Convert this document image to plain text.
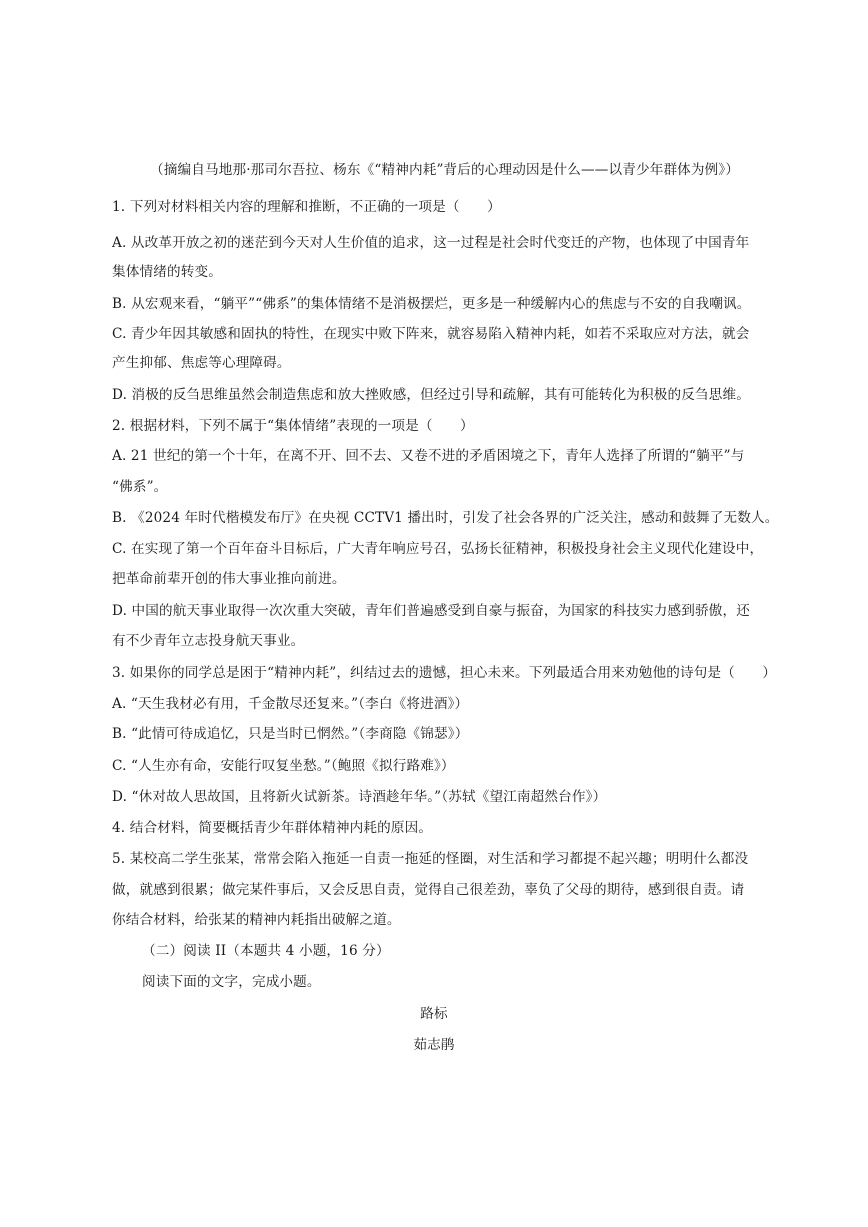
（摘编自马地那·那司尔吾拉、杨东《“精神内耗”背后的心理动因是什么——以青少年群体为例》）
1. 下列对材料相关内容的理解和推断，不正确的一项是（　　）
A. 从改革开放之初的迷茫到今天对人生价值的追求，这一过程是社会时代变迁的产物，也体现了中国青年
集体情绪的转变。
B. 从宏观来看，“躺平”“佛系”的集体情绪不是消极摆烂，更多是一种缓解内心的焦虑与不安的自我嘲讽。
C. 青少年因其敏感和固执的特性，在现实中败下阵来，就容易陷入精神内耗，如若不采取应对方法，就会
产生抑郁、焦虑等心理障碍。
D. 消极的反刍思维虽然会制造焦虑和放大挫败感，但经过引导和疏解，其有可能转化为积极的反刍思维。
2. 根据材料，下列不属于“集体情绪”表现的一项是（　　）
A. 21 世纪的第一个十年，在离不开、回不去、又卷不进的矛盾困境之下，青年人选择了所谓的“躺平”与
“佛系”。
B. 《2024 年时代楷模发布厅》在央视 CCTV1 播出时，引发了社会各界的广泛关注，感动和鼓舞了无数人。
C. 在实现了第一个百年奋斗目标后，广大青年响应号召，弘扬长征精神，积极投身社会主义现代化建设中，
把革命前辈开创的伟大事业推向前进。
D. 中国的航天事业取得一次次重大突破，青年们普遍感受到自豪与振奋，为国家的科技实力感到骄傲，还
有不少青年立志投身航天事业。
3. 如果你的同学总是困于“精神内耗”，纠结过去的遗憾，担心未来。下列最适合用来劝勉他的诗句是（　　）
A. “天生我材必有用，千金散尽还复来。”（李白《将进酒》）
B. “此情可待成追忆，只是当时已惘然。”（李商隐《锦瑟》）
C. “人生亦有命，安能行叹复坐愁。”（鲍照《拟行路难》）
D. “休对故人思故国，且将新火试新茶。诗酒趁年华。”（苏轼《望江南超然台作》）
4. 结合材料，简要概括青少年群体精神内耗的原因。
5. 某校高二学生张某，常常会陷入拖延一自责一拖延的怪圈，对生活和学习都提不起兴趣；明明什么都没
做，就感到很累；做完某件事后，又会反思自责，觉得自己很差劲，辜负了父母的期待，感到很自责。请
你结合材料，给张某的精神内耗指出破解之道。
（二）阅读 II（本题共 4 小题，16 分）
阅读下面的文字，完成小题。
路标
茹志鹃
